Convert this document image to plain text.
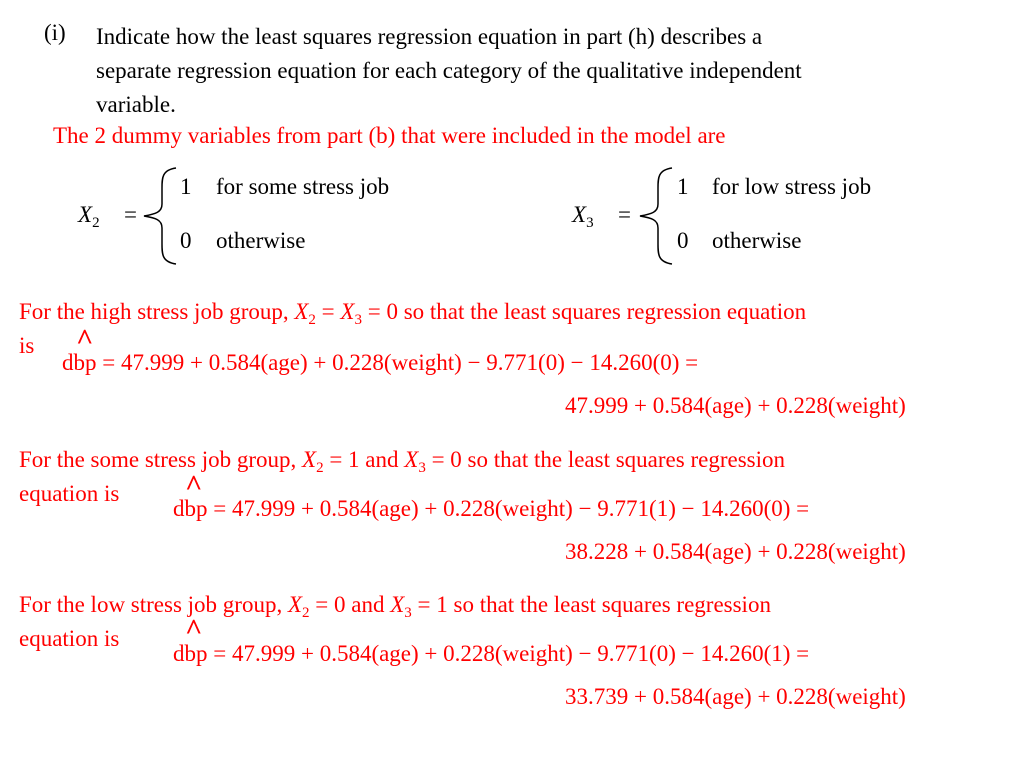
(i) Indicate how the least squares regression equation in part (h) describes a
separate regression equation for each category of the qualitative independent
variable.
The 2 dummy variables from part (b) that were included in the model are
$X_2$ =
1 for some stress job
0 otherwise
$X_3$ =
1 for low stress job
0 otherwise
For the high stress job group, $X_2 = X_3 = 0$ so that the least squares regression equation
is ^
dbp = 47.999 + 0.584(age) + 0.228(weight) − 9.771(0) − 14.260(0) =
47.999 + 0.584(age) + 0.228(weight)
For the some stress job group, $X_2 = 1$ and $X_3 = 0$ so that the least squares regression
equation is ^
dbp = 47.999 + 0.584(age) + 0.228(weight) − 9.771(1) − 14.260(0) =
38.228 + 0.584(age) + 0.228(weight)
For the low stress job group, $X_2 = 0$ and $X_3 = 1$ so that the least squares regression
equation is ^
dbp = 47.999 + 0.584(age) + 0.228(weight) − 9.771(0) − 14.260(1) =
33.739 + 0.584(age) + 0.228(weight)
